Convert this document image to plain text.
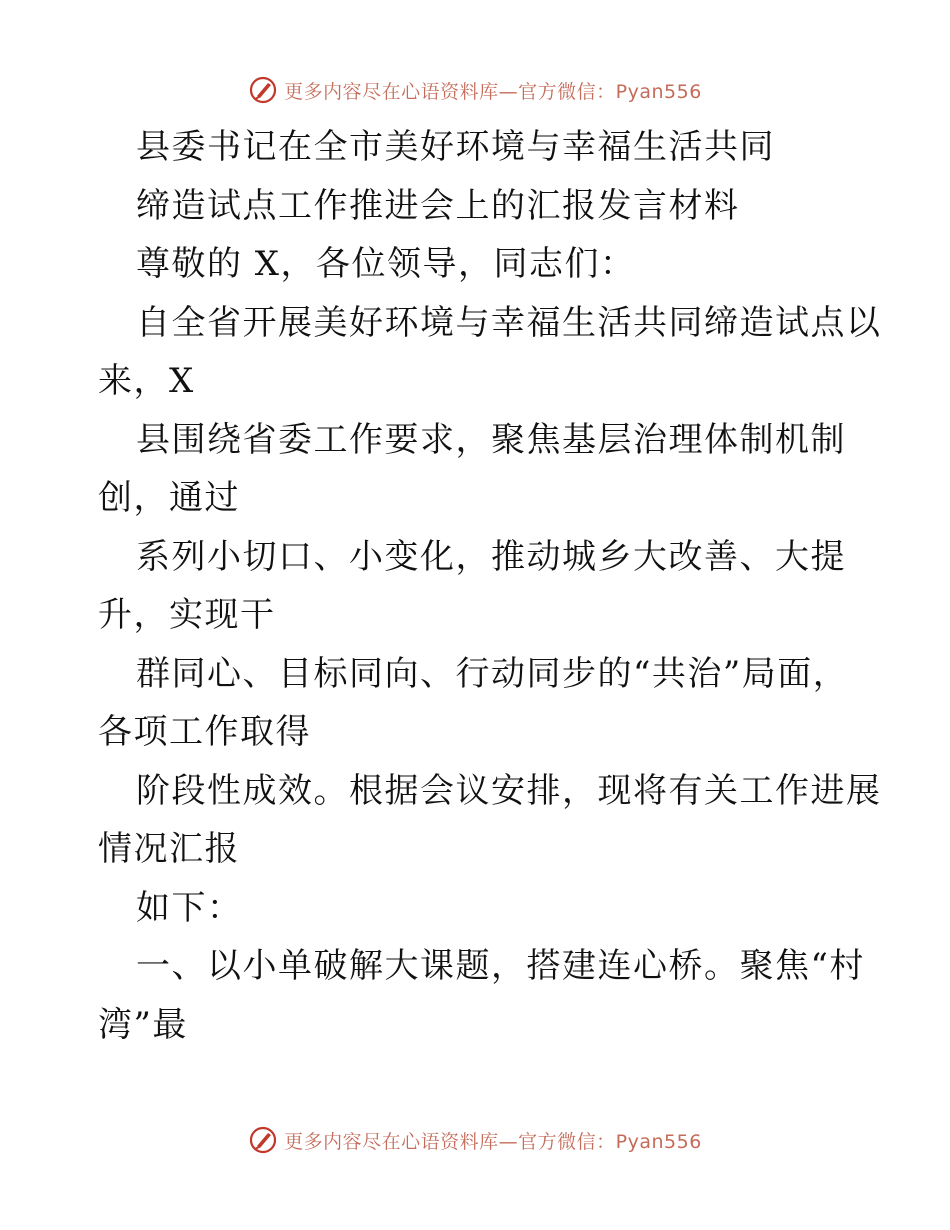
更多内容尽在心语资料库—官方微信：Pyan556
县委书记在全市美好环境与幸福生活共同
缔造试点工作推进会上的汇报发言材料
尊敬的 X，各位领导，同志们：
自全省开展美好环境与幸福生活共同缔造试点以
来，X
县围绕省委工作要求，聚焦基层治理体制机制
创，通过
系列小切口、小变化，推动城乡大改善、大提
升，实现干
群同心、目标同向、行动同步的“共治”局面，
各项工作取得
阶段性成效。根据会议安排，现将有关工作进展
情况汇报
如下：
一、以小单破解大课题，搭建连心桥。聚焦“村
湾”最
更多内容尽在心语资料库—官方微信：Pyan556
